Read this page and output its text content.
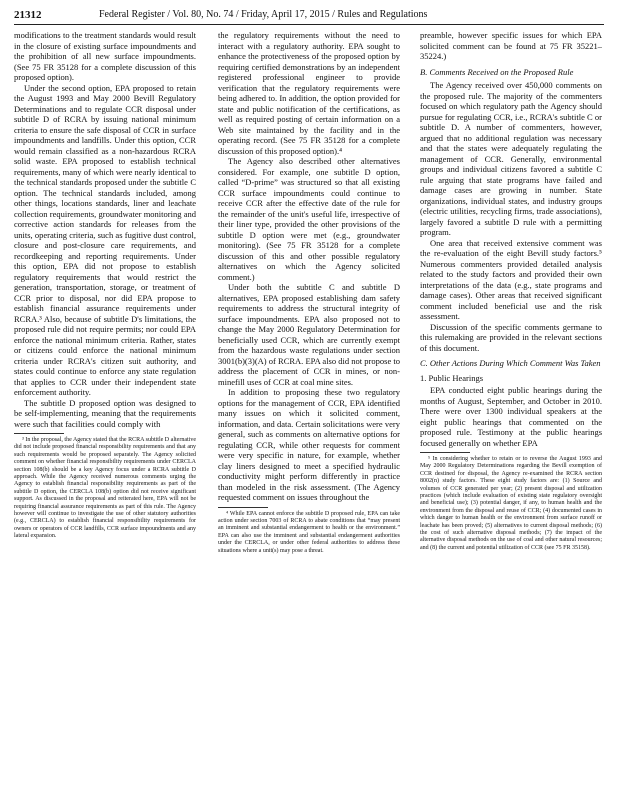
21312	Federal Register / Vol. 80, No. 74 / Friday, April 17, 2015 / Rules and Regulations

modifications to the treatment standards would result in the closure of existing surface impoundments and the prohibition of all new surface impoundments. (See 75 FR 35128 for a complete discussion of this proposed option).

Under the second option, EPA proposed to retain the August 1993 and May 2000 Bevill Regulatory Determinations and to regulate CCR disposal under subtitle D of RCRA by issuing national minimum criteria to ensure the safe disposal of CCR in surface impoundments and landfills. Under this option, CCR would remain classified as a non-hazardous RCRA solid waste. EPA proposed to establish technical requirements, many of which were nearly identical to the technical standards proposed under the subtitle C option. The technical standards included, among other things, locations standards, liner and leachate collection requirements, groundwater monitoring and corrective action standards for releases from the units, operating criteria, such as fugitive dust control, closure and post-closure care requirements, and recordkeeping and reporting requirements. Under this option, EPA did not propose to establish regulatory requirements that would restrict the generation, transportation, storage, or treatment of CCR prior to disposal, nor did EPA propose to establish financial assurance requirements under RCRA.³ Also, because of subtitle D's limitations, the proposed rule did not require permits; nor could EPA enforce the national minimum criteria. Rather, states or citizens could enforce the national minimum criteria under RCRA's citizen suit authority, and states could continue to enforce any state regulation that applies to CCR under their independent state enforcement authority.

The subtitle D proposed option was designed to be self-implementing, meaning that the requirements were such that facilities could comply with

³ In the proposal, the Agency stated that the RCRA subtitle D alternative did not include proposed financial responsibility requirements and that any such requirements would be proposed separately. The Agency solicited comment on whether financial responsibility requirements under CERCLA section 108(b) should be a key Agency focus under a RCRA subtitle D approach. While the Agency received numerous comments urging the Agency to establish financial responsibility requirements as part of the subtitle D option, the CERCLA 108(b) option did not receive significant support. As discussed in the proposal and reiterated here, EPA will not be requiring financial assurance requirements as part of this rule. The Agency however will continue to investigate the use of other statutory authorities (e.g., CERCLA) to establish financial responsibility requirements for owners or operators of CCR landfills, CCR surface impoundments and any lateral expansion.

the regulatory requirements without the need to interact with a regulatory authority. EPA sought to enhance the protectiveness of the proposed option by requiring certified demonstrations by an independent registered professional engineer to provide verification that the regulatory requirements were being adhered to. In addition, the option provided for state and public notification of the certifications, as well as required posting of certain information on a Web site maintained by the facility and in the operating record. (See 75 FR 35128 for a complete discussion of this proposed option).⁴

The Agency also described other alternatives considered. For example, one subtitle D option, called “D-prime” was structured so that all existing CCR surface impoundments could continue to receive CCR after the effective date of the rule for the remainder of the unit's useful life, irrespective of their liner type, provided the other provisions of the subtitle D option were met (e.g., groundwater monitoring). (See 75 FR 35128 for a complete discussion of this and other possible regulatory alternatives on which the Agency solicited comment.)

Under both the subtitle C and subtitle D alternatives, EPA proposed establishing dam safety requirements to address the structural integrity of surface impoundments. EPA also proposed not to change the May 2000 Regulatory Determination for beneficially used CCR, which are currently exempt from the hazardous waste regulations under section 3001(b)(3)(A) of RCRA. EPA also did not propose to address the placement of CCR in mines, or non-minefill uses of CCR at coal mine sites.

In addition to proposing these two regulatory options for the management of CCR, EPA identified many issues on which it solicited comment, information, and data. Certain solicitations were very general, such as comments on alternative options for regulating CCR, while other requests for comment were very specific in nature, for example, whether clay liners designed to meet a specified hydraulic conductivity might perform differently in practice than modeled in the risk assessment. (The Agency requested comment on issues throughout the

⁴ While EPA cannot enforce the subtitle D proposed rule, EPA can take action under section 7003 of RCRA to abate conditions that “may present an imminent and substantial endangerment to health or the environment.” EPA can also use the imminent and substantial endangerment authorities under the CERCLA, or under other federal authorities to address these situations where a unit(s) may pose a threat.

preamble, however specific issues for which EPA solicited comment can be found at 75 FR 35221–35224.)

B. Comments Received on the Proposed Rule

The Agency received over 450,000 comments on the proposed rule. The majority of the commenters focused on which regulatory path the Agency should pursue for regulating CCR, i.e., RCRA's subtitle C or subtitle D. A number of commenters, however, argued that no additional regulation was necessary and that the states were adequately regulating the management of CCR. Generally, environmental groups and individual citizens favored a subtitle C rule arguing that state programs have failed and damage cases are growing in number. State organizations, individual states, and industry groups (electric utilities, recycling firms, trade associations), largely favored a subtitle D rule with a permitting program.

One area that received extensive comment was the re-evaluation of the eight Bevill study factors.⁵ Numerous commenters provided detailed analysis related to the study factors and provided their own interpretations of the data (e.g., state programs and damage cases). Other areas that received significant comment included beneficial use and the risk assessment.

Discussion of the specific comments germane to this rulemaking are provided in the relevant sections of this document.

C. Other Actions During Which Comment Was Taken
1. Public Hearings

EPA conducted eight public hearings during the months of August, September, and October in 2010. There were over 1300 individual speakers at the eight public hearings that commented on the proposed rule. Testimony at the public hearings focused generally on whether EPA

⁵ In considering whether to retain or to reverse the August 1993 and May 2000 Regulatory Determinations regarding the Bevill exemption of CCR destined for disposal, the Agency re-examined the RCRA section 8002(n) study factors. These eight study factors are: (1) Source and volumes of CCR generated per year; (2) present disposal and utilization practices (which include evaluation of existing state regulatory oversight and beneficial use); (3) potential danger, if any, to human health and the environment from the disposal and reuse of CCR; (4) documented cases in which danger to human health or the environment from surface runoff or leachate has been proved; (5) alternatives to current disposal methods; (6) the cost of such alternative disposal methods; (7) the impact of the alternative disposal methods on the use of coal and other natural resources; and (8) the current and potential utilization of CCR (see 75 FR 35158).
